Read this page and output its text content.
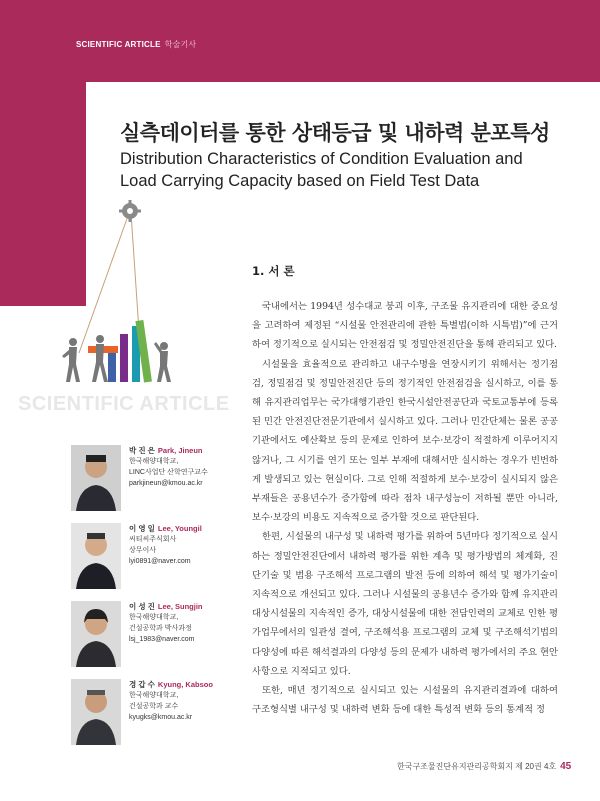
SCIENTIFIC ARTICLE 학술기사
실측데이터를 통한 상태등급 및 내하력 분포특성
Distribution Characteristics of Condition Evaluation and Load Carrying Capacity based on Field Test Data
SCIENTIFIC ARTICLE
박 진 은 Park, Jineun
한국해양대학교,
LINC사업단 산학연구교수
parkjineun@kmou.ac.kr
이 영 일 Lee, Youngil
씨티씨주식회사
상무이사
lyi0891@naver.com
이 성 진 Lee, Sungjin
한국해양대학교,
건설공학과 박사과정
lsj_1983@naver.com
경 갑 수 Kyung, Kabsoo
한국해양대학교,
건설공학과 교수
kyugks@kmou.ac.kr
1. 서 론

국내에서는 1994년 성수대교 붕괴 이후, 구조물 유지관리에 대한 중요성을 고려하여 제정된 “시설물 안전관리에 관한 특별법(이하 시특법)”에 근거하여 정기적으로 실시되는 안전점검 및 정밀안전진단을 통해 관리되고 있다.

시설물을 효율적으로 관리하고 내구수명을 연장시키기 위해서는 정기점검, 정밀점검 및 정밀안전진단 등의 정기적인 안전점검을 실시하고, 이를 통해 유지관리업무는 국가대행기관인 한국시설안전공단과 국토교통부에 등록된 민간 안전진단전문기관에서 실시하고 있다. 그러나 민간단체는 물론 공공기관에서도 예산확보 등의 문제로 인하여 보수·보강이 적절하게 이루어지지 않거나, 그 시기를 연기 또는 일부 부재에 대해서만 실시하는 경우가 빈번하게 발생되고 있는 현실이다. 그로 인해 적절하게 보수·보강이 실시되지 않은 부재들은 공용년수가 증가함에 따라 점차 내구성능이 저하될 뿐만 아니라, 보수·보강의 비용도 지속적으로 증가할 것으로 판단된다.

한편, 시설물의 내구성 및 내하력 평가를 위하여 5년마다 정기적으로 실시하는 정밀안전진단에서 내하력 평가를 위한 계측 및 평가방법의 체계화, 진단기술 및 범용 구조해석 프로그램의 발전 등에 의하여 해석 및 평가기술이 지속적으로 개선되고 있다. 그러나 시설물의 공용년수 증가와 함께 유지관리 대상시설물의 지속적인 증가, 대상시설물에 대한 전담인력의 교체로 인한 평가업무에서의 일관성 결여, 구조해석용 프로그램의 교체 및 구조해석기법의 다양성에 따른 해석결과의 다양성 등의 문제가 내하력 평가에서의 주요 현안 사항으로 지적되고 있다.

또한, 매년 정기적으로 실시되고 있는 시설물의 유지관리결과에 대하여 구조형식별 내구성 및 내하력 변화 등에 대한 특성적 변화 등의 통계적 정

한국구조물진단유지관리공학회지 제 20권 4호 45
